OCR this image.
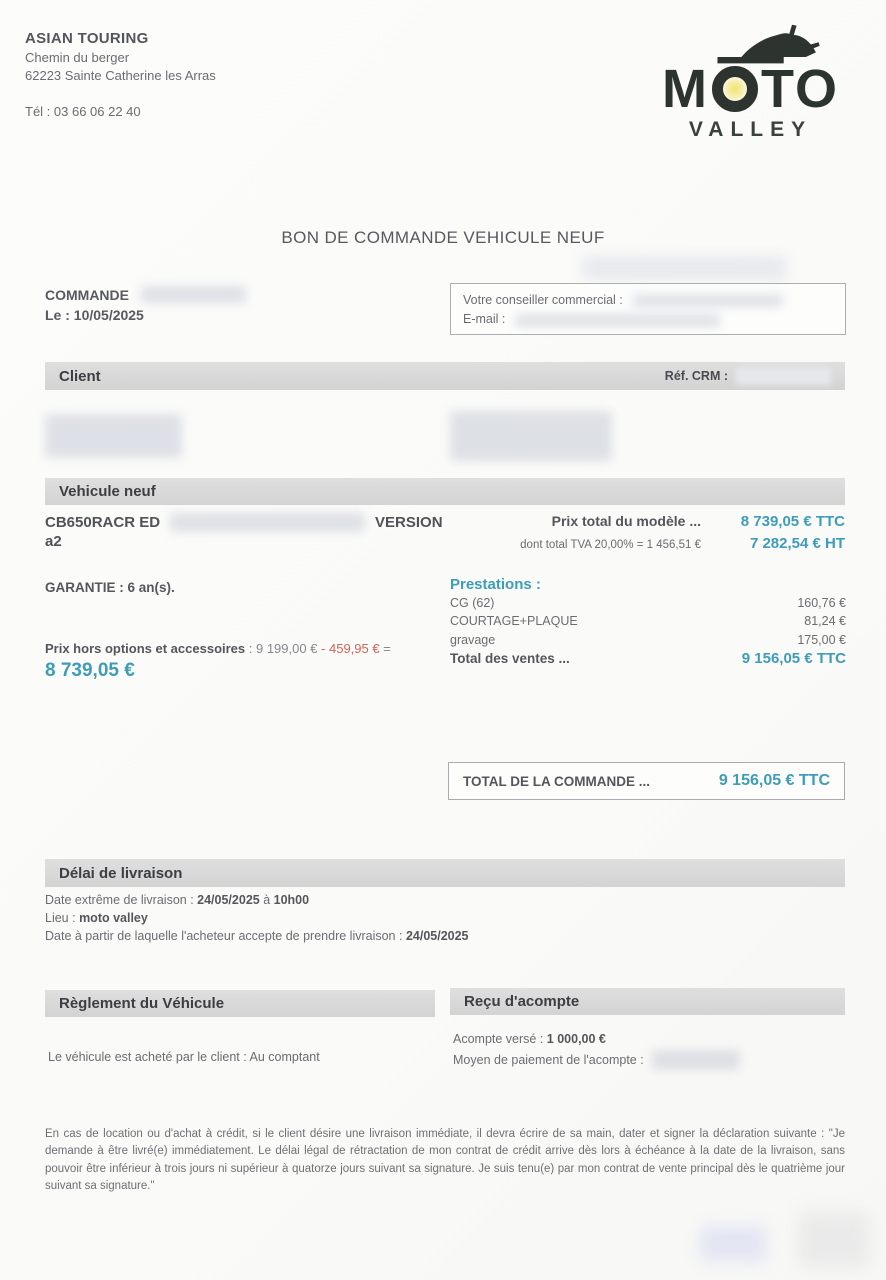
ASIAN TOURING
Chemin du berger
62223 Sainte Catherine les Arras
Tél : 03 66 06 22 40	M TO
VALLEY
BON DE COMMANDE VEHICULE NEUF
COMMANDE
Le : 10/05/2025
Votre conseiller commercial :
E-mail :
Client	Réf. CRM :
Vehicule neuf
CB650RACR ED	VERSION
a2
Prix total du modèle ...	8 739,05 € TTC
dont total TVA 20,00% = 1 456,51 €	7 282,54 € HT
GARANTIE : 6 an(s).	Prestations :
CG (62)	160,76 €
COURTAGE+PLAQUE	81,24 €
gravage	175,00 €
Total des ventes ...	9 156,05 € TTC
Prix hors options et accessoires : 9 199,00 € - 459,95 € =
8 739,05 €
TOTAL DE LA COMMANDE ...	9 156,05 € TTC
Délai de livraison
Date extrême de livraison : 24/05/2025 à 10h00
Lieu : moto valley
Date à partir de laquelle l'acheteur accepte de prendre livraison : 24/05/2025
Règlement du Véhicule	Reçu d'acompte
Le véhicule est acheté par le client : Au comptant
Acompte versé : 1 000,00 €
Moyen de paiement de l'acompte :
En cas de location ou d'achat à crédit, si le client désire une livraison immédiate, il devra écrire de sa main, dater et signer la déclaration suivante : "Je demande à être livré(e) immédiatement. Le délai légal de rétractation de mon contrat de crédit arrive dès lors à échéance à la date de la livraison, sans pouvoir être inférieur à trois jours ni supérieur à quatorze jours suivant sa signature. Je suis tenu(e) par mon contrat de vente principal dès le quatrième jour suivant sa signature."
